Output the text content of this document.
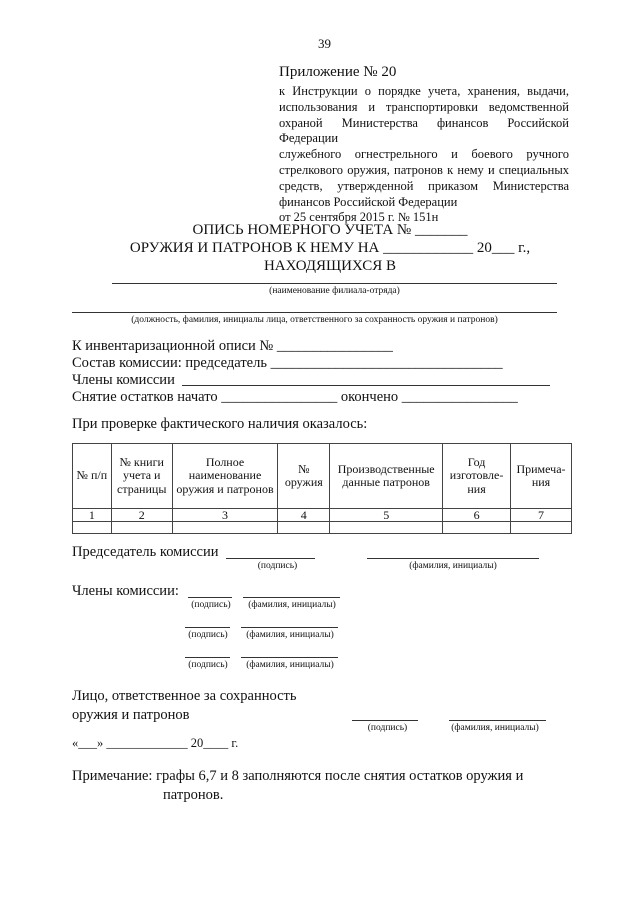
39
Приложение № 20
к Инструкции о порядке учета, хранения, выдачи,
использования и транспортировки ведомственной
охраной Министерства финансов Российской Федерации
служебного огнестрельного и боевого ручного
стрелкового оружия, патронов к нему и специальных
средств, утвержденной приказом Министерства
финансов Российской Федерации
от 25 сентября 2015 г. № 151н
ОПИСЬ НОМЕРНОГО УЧЕТА № _______
ОРУЖИЯ И ПАТРОНОВ К НЕМУ НА ____________ 20___ г.,
НАХОДЯЩИХСЯ В
(наименование филиала-отряда)
(должность, фамилия, инициалы лица, ответственного за сохранность оружия и патронов)
К инвентаризационной описи № ________________
Состав комиссии: председатель ________________________________
Члены комиссии
Снятие остатков начато ________________ окончено ________________
При проверке фактического наличия оказалось:
№ п/п	№ книги учета и страницы	Полное наименование оружия и патронов	№ оружия	Производственные данные патронов	Год изготовле-ния	Примеча-ния
1	2	3	4	5	6	7

Председатель комиссии
(подпись)	(фамилия, инициалы)
Члены комиссии:
(подпись)	(фамилия, инициалы)
(подпись)	(фамилия, инициалы)
(подпись)	(фамилия, инициалы)
Лицо, ответственное за сохранность
оружия и патронов
(подпись)	(фамилия, инициалы)
«___» _____________ 20____ г.
Примечание: графы 6,7 и 8 заполняются после снятия остатков оружия и
патронов.
